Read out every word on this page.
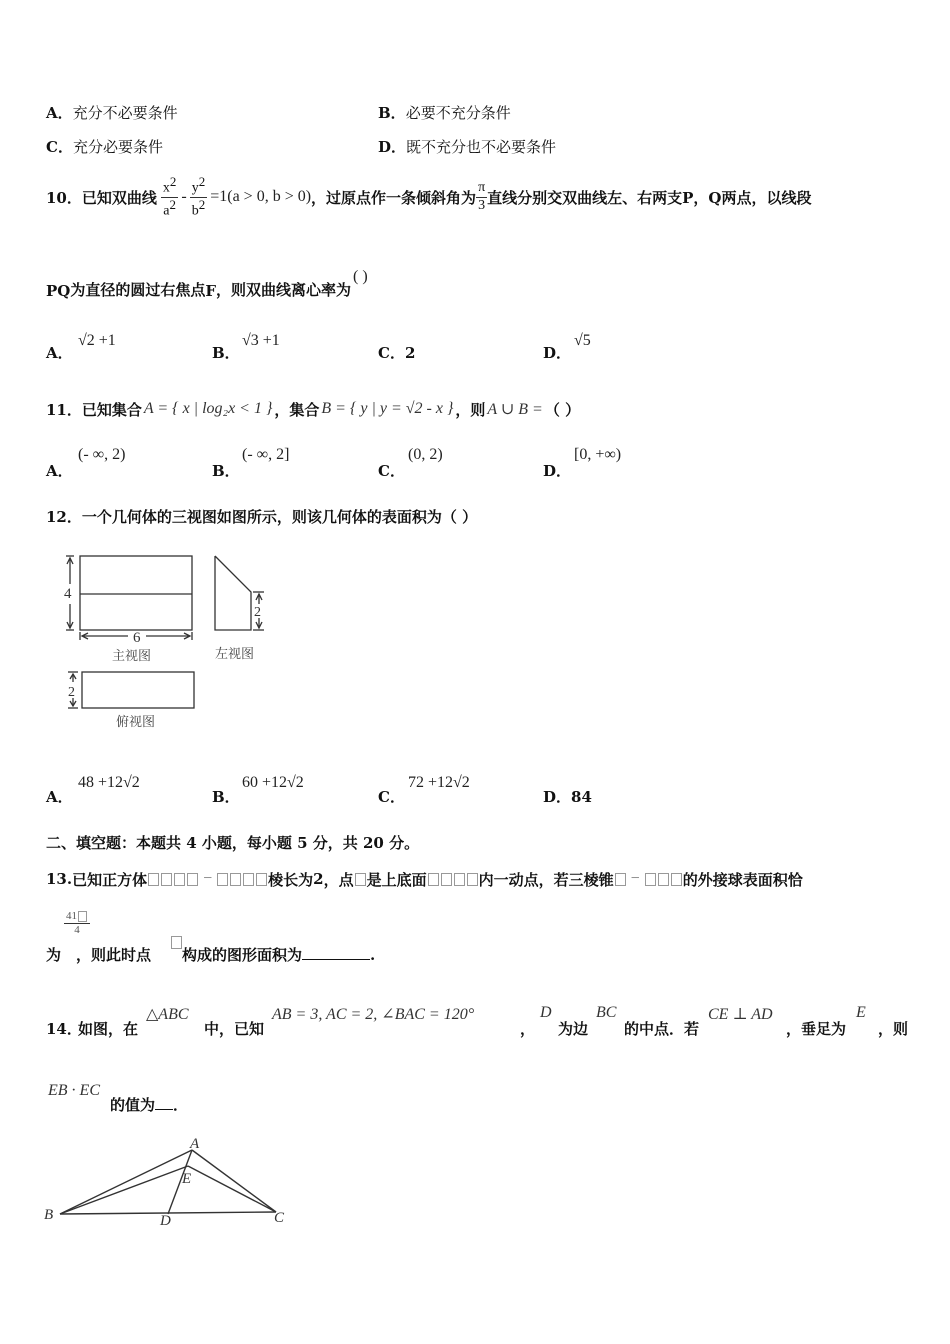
A．充分不必要条件	B．必要不充分条件
C．充分必要条件	D．既不充分也不必要条件
10． 已知双曲线 $\frac{x^2}{a^2} - \frac{y^2}{b^2} =1(a > 0$, b > 0) ，过原点作一条倾斜角为 $\frac{\pi}{3}$ 直线分别交双曲线左、右两支 P，Q 两点，以线段
PQ 为直径的圆过右焦点 F ，则双曲线离心率为
( )
A．
√2 +1
B．
√3 +1
C．2	D．
√5
11． 已知集合 A = { x | log₂x < 1 } ，集合 B = { y | y = √2 - x } ，则 A ∪ B = （ ）
A．
(- ∞, 2)
B．
(- ∞, 2]
C．
(0, 2)
D．
[0, +∞)
12．一个几何体的三视图如图所示，则该几何体的表面积为（ ）
4
6
2
2
主视图	左视图
俯视图
A．
48 +12√2
B．
60 +12√2
C．
72 +12√2
D．84
二、填空题：本题共 4 小题，每小题 5 分，共 20 分。
13. 已知正方体	−	棱长为 2 ，点 是上底面	内一动点，若三棱锥 −	的外接球表面积恰
$\frac{41}{4}$
为 ，则此时点 构成的图形面积为	.
14．
如图，在
△ABC
中，已知
AB = 3, AC = 2, ∠BAC = 120°
，
D
为边
BC
的中点．若
CE ⊥ AD
，垂足为
E
，则
EB · EC
的值为 ．
A
B	C
D
E
